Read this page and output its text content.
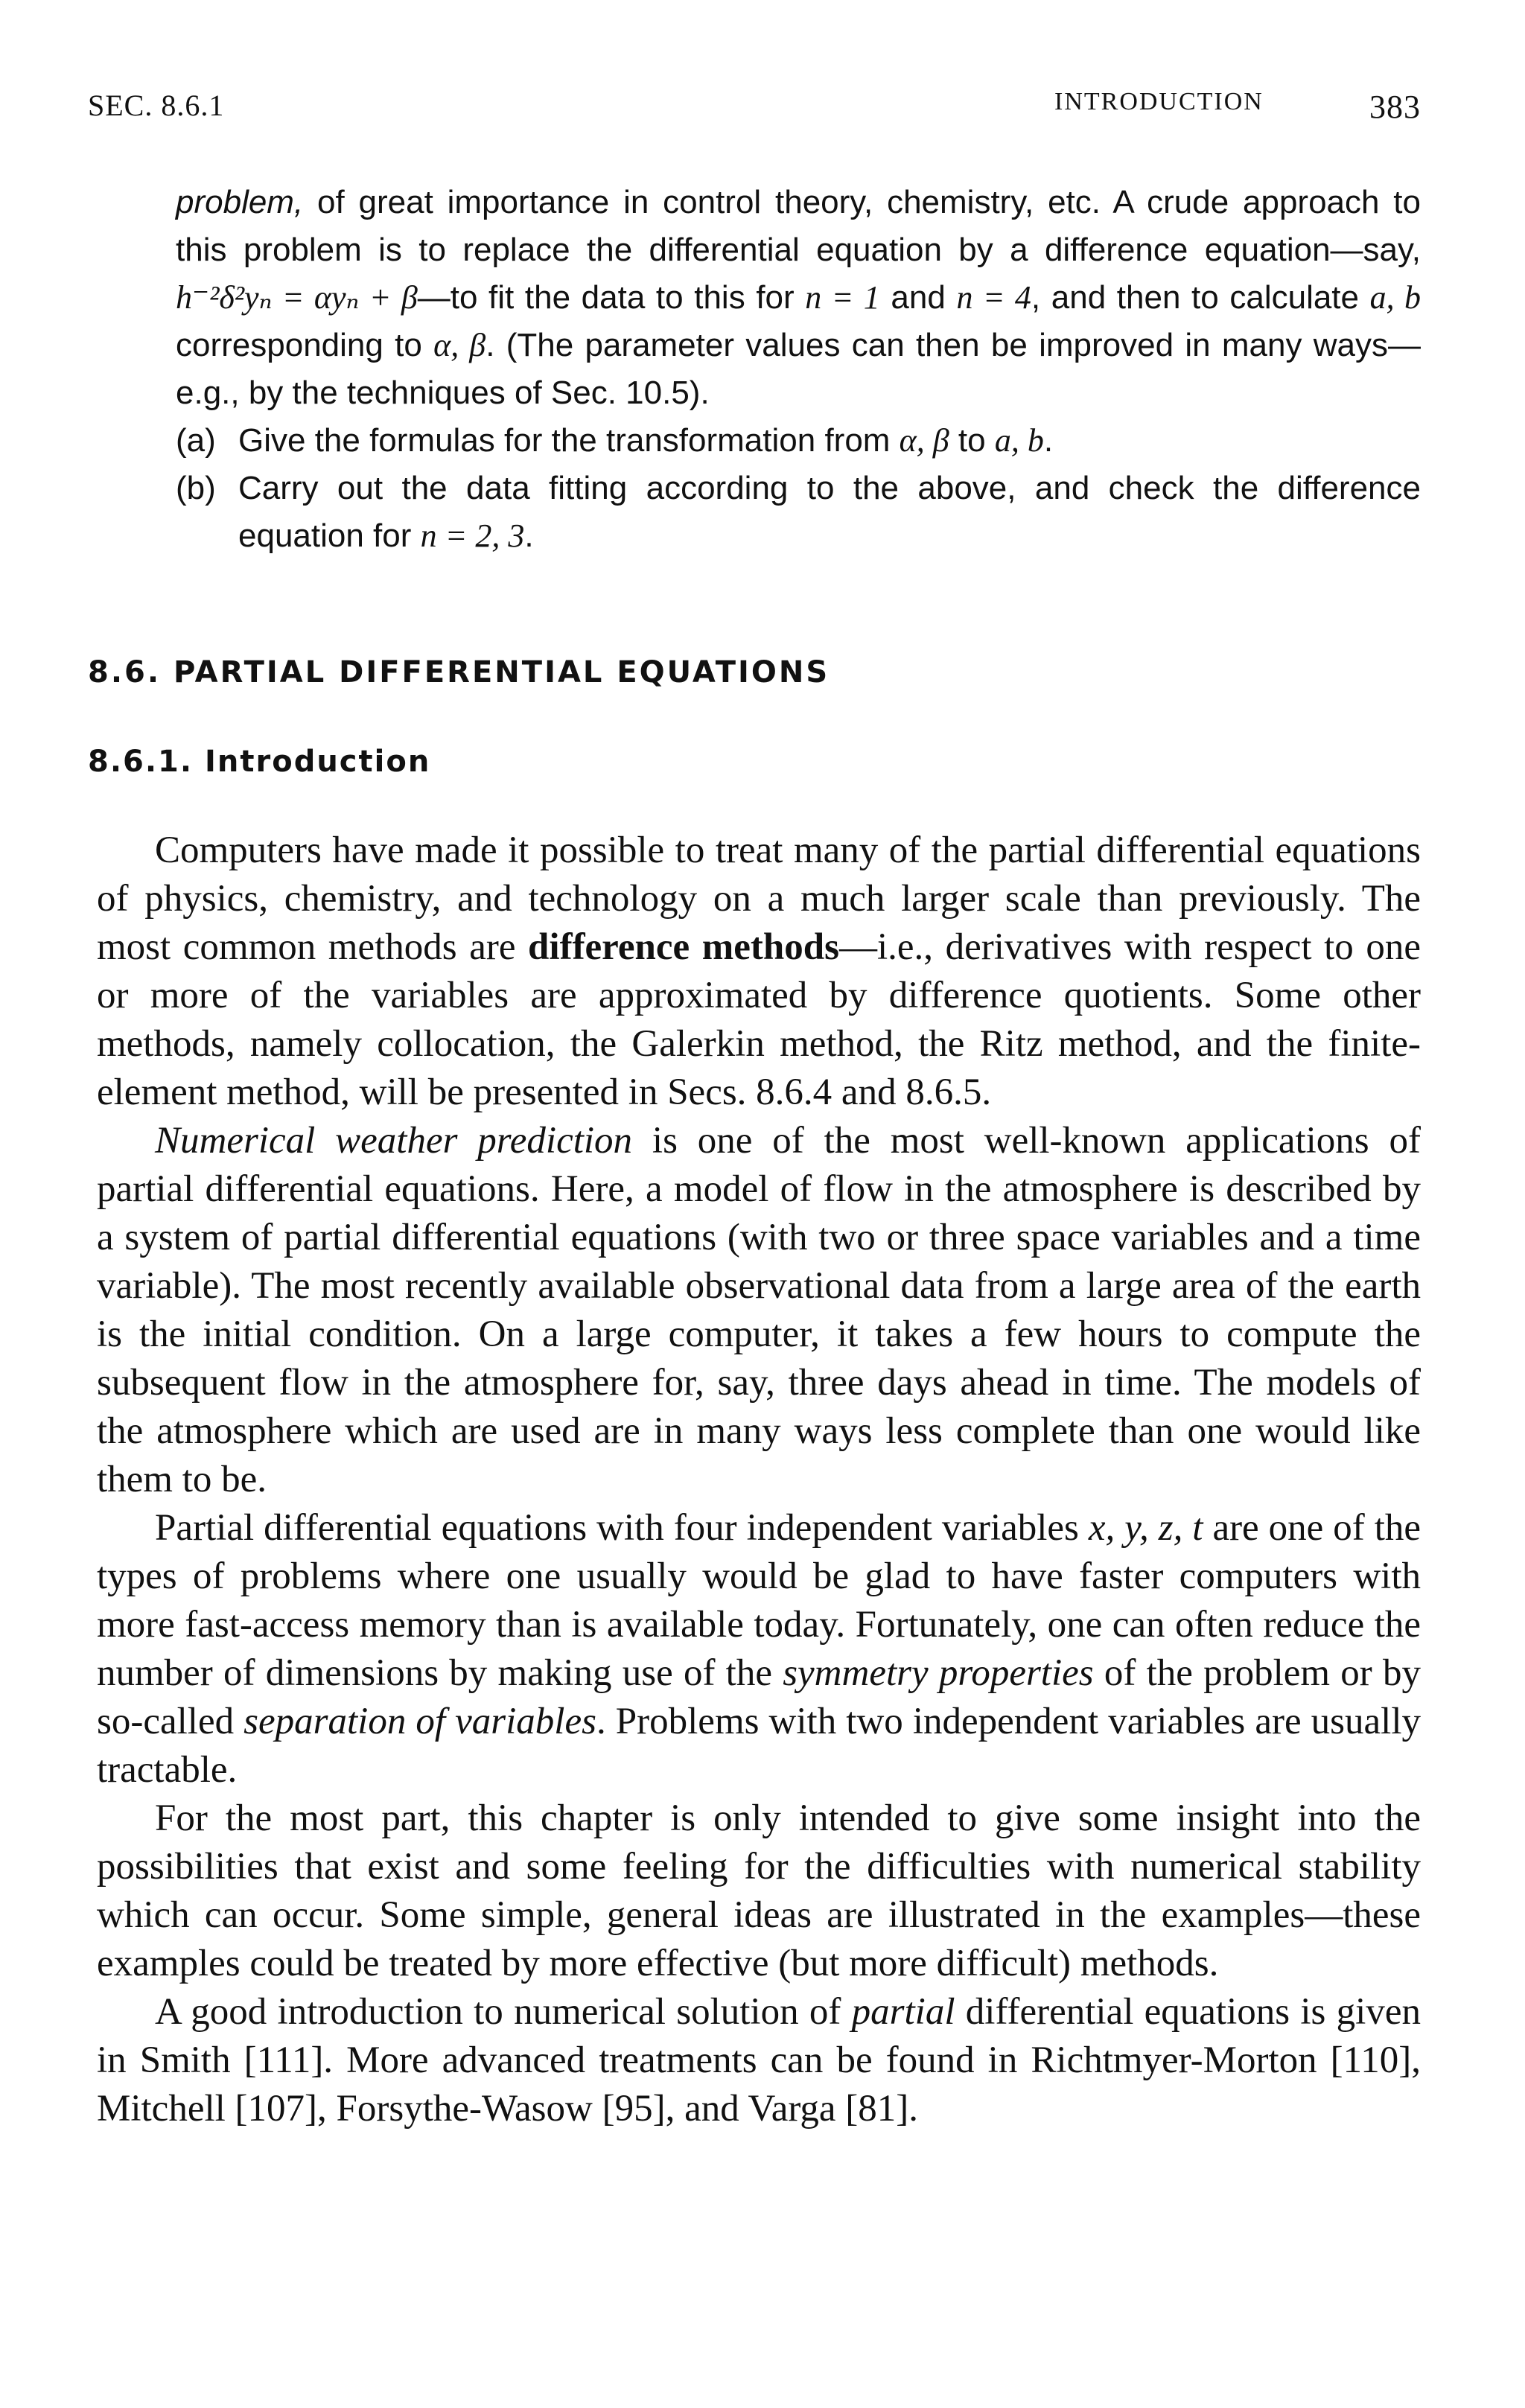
SEC. 8.6.1	INTRODUCTION	383

problem, of great importance in control theory, chemistry, etc. A crude approach to this problem is to replace the differential equation by a difference equation—say, h⁻²δ²yₙ = αyₙ + β—to fit the data to this for n = 1 and n = 4, and then to calculate a, b corresponding to α, β. (The parameter values can then be improved in many ways—e.g., by the techniques of Sec. 10.5).

(a) Give the formulas for the transformation from α, β to a, b.

(b) Carry out the data fitting according to the above, and check the difference equation for n = 2, 3.

8.6. PARTIAL DIFFERENTIAL EQUATIONS
8.6.1. Introduction

Computers have made it possible to treat many of the partial differential equations of physics, chemistry, and technology on a much larger scale than previously. The most common methods are difference methods—i.e., derivatives with respect to one or more of the variables are approximated by difference quotients. Some other methods, namely collocation, the Galerkin method, the Ritz method, and the finite-element method, will be presented in Secs. 8.6.4 and 8.6.5.

Numerical weather prediction is one of the most well-known applications of partial differential equations. Here, a model of flow in the atmosphere is described by a system of partial differential equations (with two or three space variables and a time variable). The most recently available observational data from a large area of the earth is the initial condition. On a large computer, it takes a few hours to compute the subsequent flow in the atmosphere for, say, three days ahead in time. The models of the atmosphere which are used are in many ways less complete than one would like them to be.

Partial differential equations with four independent variables x, y, z, t are one of the types of problems where one usually would be glad to have faster computers with more fast-access memory than is available today. Fortunately, one can often reduce the number of dimensions by making use of the symmetry properties of the problem or by so-called separation of variables. Problems with two independent variables are usually tractable.

For the most part, this chapter is only intended to give some insight into the possibilities that exist and some feeling for the difficulties with numerical stability which can occur. Some simple, general ideas are illustrated in the examples—these examples could be treated by more effective (but more difficult) methods.

A good introduction to numerical solution of partial differential equations is given in Smith [111]. More advanced treatments can be found in Richtmyer-Morton [110], Mitchell [107], Forsythe-Wasow [95], and Varga [81].
